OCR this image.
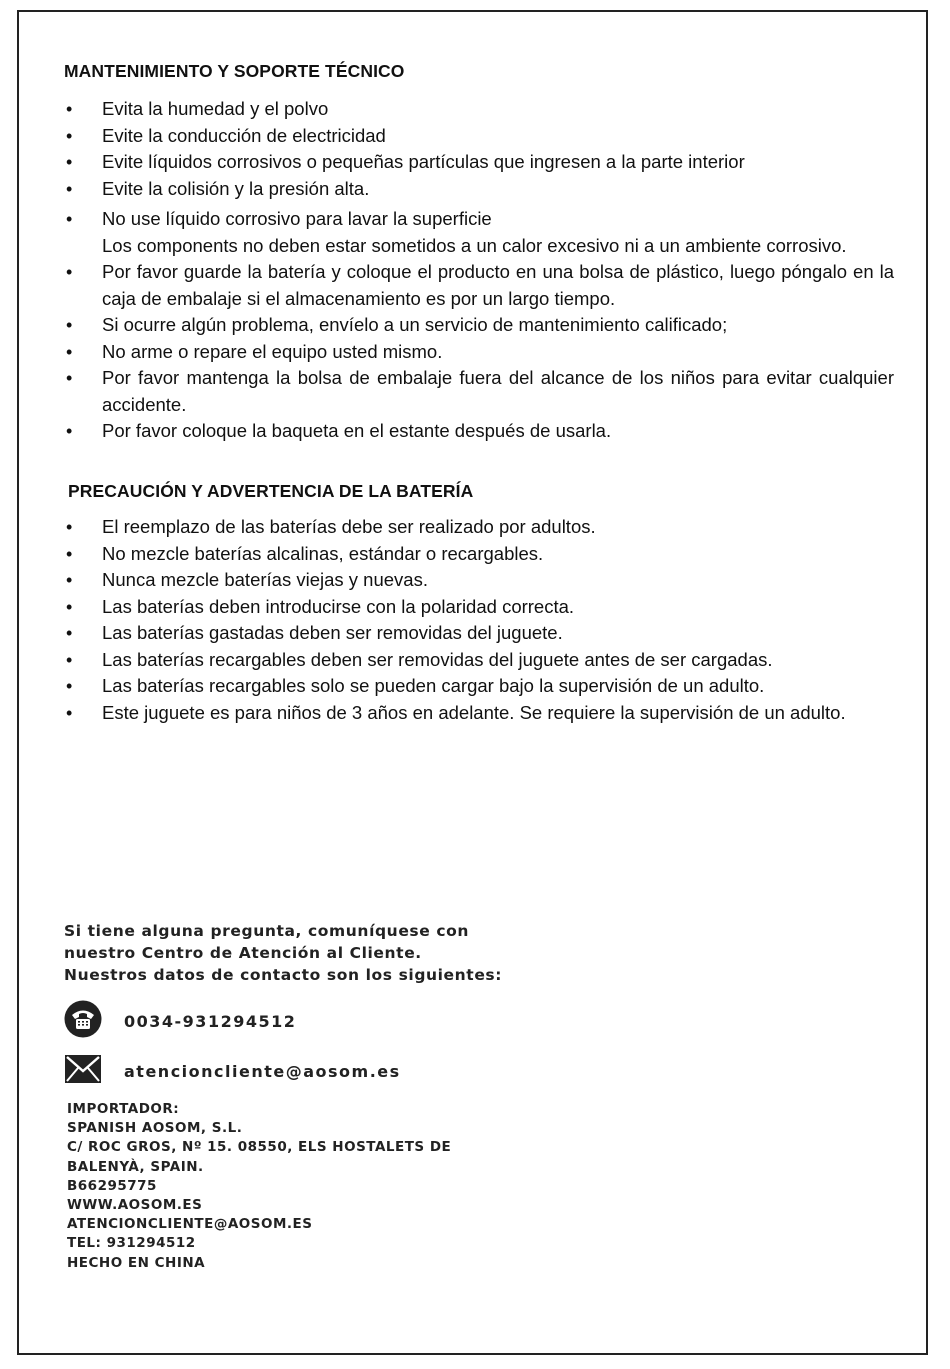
MANTENIMIENTO Y SOPORTE TÉCNICO
• Evita la humedad y el polvo
• Evite la conducción de electricidad
• Evite líquidos corrosivos o pequeñas partículas que ingresen a la parte interior
• Evite la colisión y la presión alta.
• No use líquido corrosivo para lavar la superficie
Los components no deben estar sometidos a un calor excesivo ni a un ambiente corrosivo.
• Por favor guarde la batería y coloque el producto en una bolsa de plástico, luego póngalo en la caja de embalaje si el almacenamiento es por un largo tiempo.
• Si ocurre algún problema, envíelo a un servicio de mantenimiento calificado;
• No arme o repare el equipo usted mismo.
• Por favor mantenga la bolsa de embalaje fuera del alcance de los niños para evitar cualquier accidente.
• Por favor coloque la baqueta en el estante después de usarla.
PRECAUCIÓN Y ADVERTENCIA DE LA BATERÍA
• El reemplazo de las baterías debe ser realizado por adultos.
• No mezcle baterías alcalinas, estándar o recargables.
• Nunca mezcle baterías viejas y nuevas.
• Las baterías deben introducirse con la polaridad correcta.
• Las baterías gastadas deben ser removidas del juguete.
• Las baterías recargables deben ser removidas del juguete antes de ser cargadas.
• Las baterías recargables solo se pueden cargar bajo la supervisión de un adulto.
• Este juguete es para niños de 3 años en adelante. Se requiere la supervisión de un adulto.
Si tiene alguna pregunta, comuníquese con
nuestro Centro de Atención al Cliente.
Nuestros datos de contacto son los siguientes:
0034-931294512
atencioncliente@aosom.es
IMPORTADOR:
SPANISH AOSOM, S.L.
C/ ROC GROS, Nº 15. 08550, ELS HOSTALETS DE
BALENYÀ, SPAIN.
B66295775
WWW.AOSOM.ES
ATENCIONCLIENTE@AOSOM.ES
TEL: 931294512
HECHO EN CHINA
